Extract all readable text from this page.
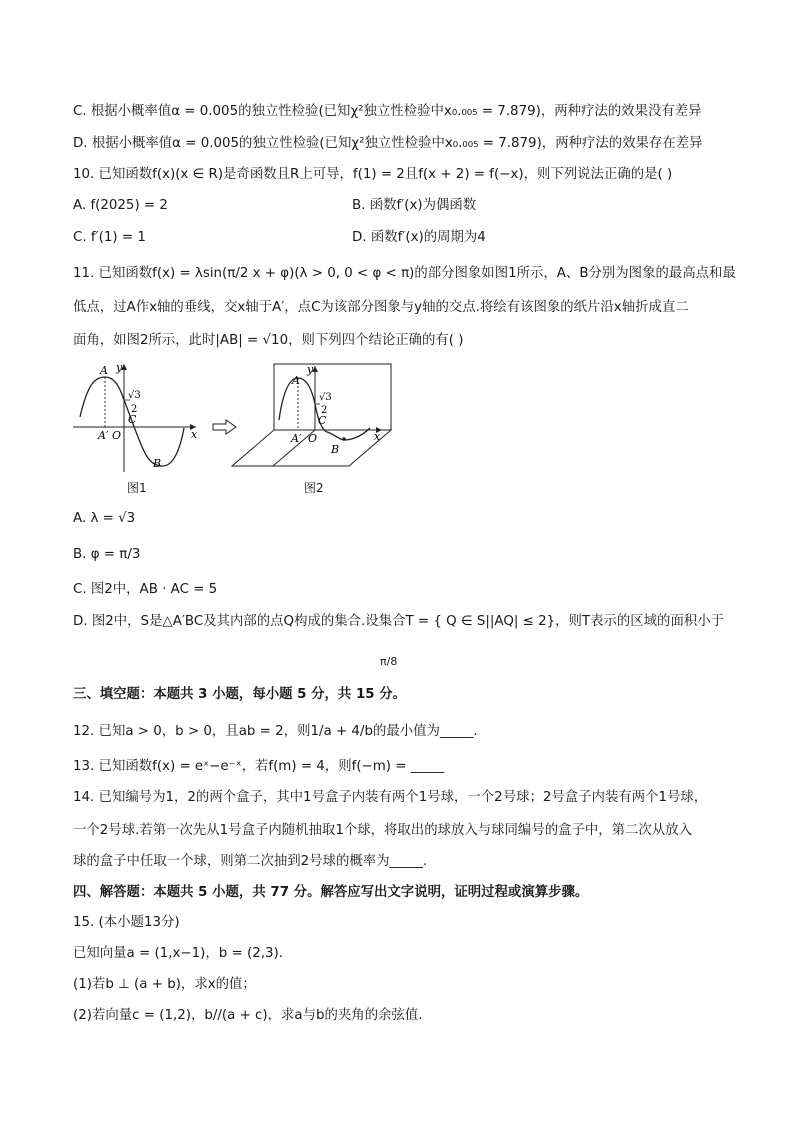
C. 根据小概率值α = 0.005的独立性检验(已知χ²独立性检验中x₀.₀₀₅ = 7.879)，两种疗法的效果没有差异
D. 根据小概率值α = 0.005的独立性检验(已知χ²独立性检验中x₀.₀₀₅ = 7.879)，两种疗法的效果存在差异
10. 已知函数f(x)(x ∈ R)是奇函数且R上可导，f(1) = 2且f(x + 2) = f(−x)，则下列说法正确的是( )
A. f(2025) = 2	B. 函数f′(x)为偶函数
C. f′(1) = 1	D. 函数f′(x)的周期为4
11. 已知函数f(x) = λsin(π/2 x + φ)(λ > 0, 0 < φ < π)的部分图象如图1所示，A、B分别为图象的最高点和最
低点，过A作x轴的垂线，交x轴于A′，点C为该部分图象与y轴的交点.将绘有该图象的纸片沿x轴折成直二
面角，如图2所示，此时|AB| = √10，则下列四个结论正确的有( )
y
A
√3
2
C
A′ O	x
B
图1
y
A
√3
2
C
A′ O	x
B
图2
A. λ = √3
B. φ = π/3
C. 图2中，AB · AC = 5
D. 图2中，S是△A′BC及其内部的点Q构成的集合.设集合T = { Q ∈ S||AQ| ≤ 2}，则T表示的区域的面积小于
π/8
三、填空题：本题共 3 小题，每小题 5 分，共 15 分。
12. 已知a > 0，b > 0，且ab = 2，则1/a + 4/b的最小值为_____.
13. 已知函数f(x) = eˣ−e⁻ˣ，若f(m) = 4，则f(−m) = _____
14. 已知编号为1，2的两个盒子，其中1号盒子内装有两个1号球，一个2号球；2号盒子内装有两个1号球，
一个2号球.若第一次先从1号盒子内随机抽取1个球，将取出的球放入与球同编号的盒子中，第二次从放入
球的盒子中任取一个球，则第二次抽到2号球的概率为_____.
四、解答题：本题共 5 小题，共 77 分。解答应写出文字说明，证明过程或演算步骤。
15. (本小题13分)
已知向量a = (1,x−1)，b = (2,3).
(1)若b ⊥ (a + b)，求x的值；
(2)若向量c = (1,2)，b//(a + c)，求a与b的夹角的余弦值.
